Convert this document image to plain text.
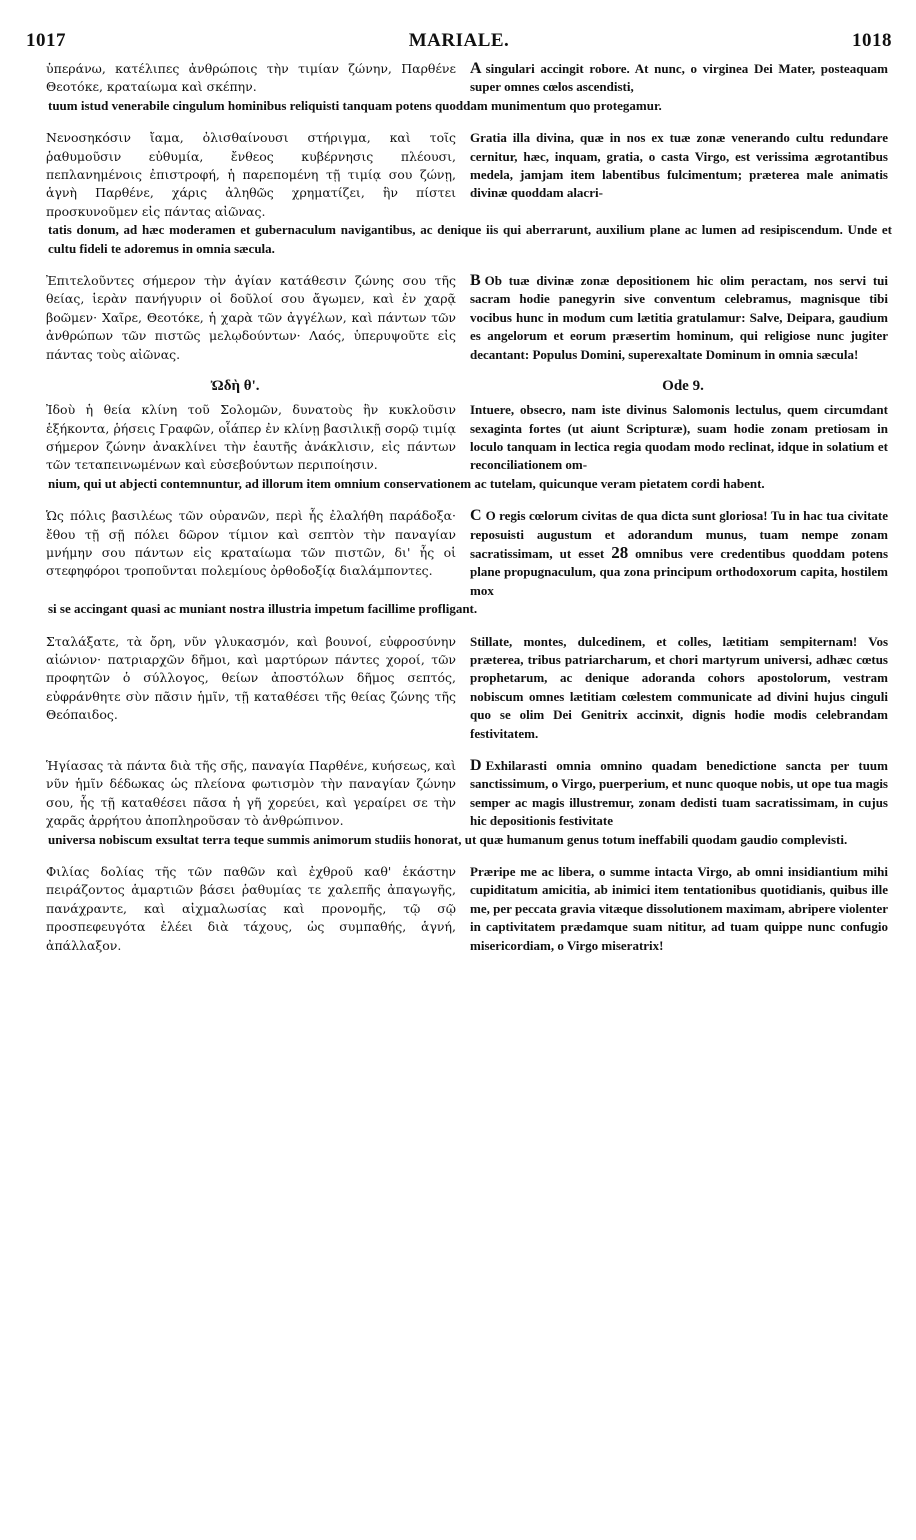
1017	MARIALE.	1018
ὑπεράνω, κατέλιπες ἀνθρώποις τὴν τιμίαν ζώνην, Παρθένε Θεοτόκε, κραταίωμα καὶ σκέπην.
A singulari accingit robore. At nunc, o virginea Dei Mater, posteaquam super omnes cœlos ascendisti,
tuum istud venerabile cingulum hominibus reliquisti tanquam potens quoddam munimentum quo protegamur.
Νενοσηκόσιν ἴαμα, ὀλισθαίνουσι στήριγμα, καὶ τοῖς ῥαθυμοῦσιν εὐθυμία, ἔνθεος κυβέρνησις πλέουσι, πεπλανημένοις ἐπιστροφή, ἡ παρεπομένη τῇ τιμίᾳ σου ζώνῃ, ἁγνὴ Παρθένε, χάρις ἀληθῶς χρηματίζει, ἣν πίστει προσκυνοῦμεν εἰς πάντας αἰῶνας.
Gratia illa divina, quæ in nos ex tuæ zonæ venerando cultu redundare cernitur, hæc, inquam, gratia, o casta Virgo, est verissima ægrotantibus medela, jamjam item labentibus fulcimentum; præterea male animatis divinæ quoddam alacri-
tatis donum, ad hæc moderamen et gubernaculum navigantibus, ac denique iis qui aberrarunt, auxilium plane ac lumen ad resipiscendum. Unde et cultu fideli te adoremus in omnia sæcula.
Ἐπιτελοῦντες σήμερον τὴν ἁγίαν κατάθεσιν ζώνης σου τῆς θείας, ἱερὰν πανήγυριν οἱ δοῦλοί σου ἄγωμεν, καὶ ἐν χαρᾷ βοῶμεν· Χαῖρε, Θεοτόκε, ἡ χαρὰ τῶν ἀγγέλων, καὶ πάντων τῶν ἀνθρώπων τῶν πιστῶς μελῳδούντων· Λαός, ὑπερυψοῦτε εἰς πάντας τοὺς αἰῶνας.
B Ob tuæ divinæ zonæ depositionem hic olim peractam, nos servi tui sacram hodie panegyrin sive conventum celebramus, magnisque tibi vocibus hunc in modum cum lætitia gratulamur: Salve, Deipara, gaudium es angelorum et eorum præsertim hominum, qui religiose nunc jugiter decantant: Populus Domini, superexaltate Dominum in omnia sæcula!
Ὠδὴ θ'.	Ode 9.
Ἰδοὺ ἡ θεία κλίνη τοῦ Σολομῶν, δυνατοὺς ἣν κυκλοῦσιν ἑξήκοντα, ῥήσεις Γραφῶν, οἷάπερ ἐν κλίνῃ βασιλικῇ σορῷ τιμίᾳ σήμερον ζώνην ἀνακλίνει τὴν ἑαυτῆς ἀνάκλισιν, εἰς πάντων τῶν τεταπεινωμένων καὶ εὐσεβούντων περιποίησιν.
Intuere, obsecro, nam iste divinus Salomonis lectulus, quem circumdant sexaginta fortes (ut aiunt Scripturæ), suam hodie zonam pretiosam in loculo tanquam in lectica regia quodam modo reclinat, idque in solatium et reconciliationem om-
nium, qui ut abjecti contemnuntur, ad illorum item omnium conservationem ac tutelam, quicunque veram pietatem cordi habent.
Ὡς πόλις βασιλέως τῶν οὐρανῶν, περὶ ἧς ἐλαλήθη παράδοξα· ἔθου τῇ σῇ πόλει δῶρον τίμιον καὶ σεπτὸν τὴν παναγίαν μνήμην σου πάντων εἰς κραταίωμα τῶν πιστῶν, δι' ἧς οἱ στεφηφόροι τροποῦνται πολεμίους ὀρθοδοξίᾳ διαλάμποντες.
C O regis cœlorum civitas de qua dicta sunt gloriosa! Tu in hac tua civitate reposuisti augustum et adorandum munus, tuam nempe zonam sacratissimam, ut esset 28 omnibus vere credentibus quoddam potens plane propugnaculum, qua zona principum orthodoxorum capita, hostilem mox
si se accingant quasi ac muniant nostra illustria impetum facillime profligant.
Σταλάξατε, τὰ ὄρη, νῦν γλυκασμόν, καὶ βουνοί, εὐφροσύνην αἰώνιον· πατριαρχῶν δῆμοι, καὶ μαρτύρων πάντες χοροί, τῶν προφητῶν ὁ σύλλογος, θείων ἀποστόλων δῆμος σεπτός, εὐφράνθητε σὺν πᾶσιν ἡμῖν, τῇ καταθέσει τῆς θείας ζώνης τῆς Θεόπαιδος.
Stillate, montes, dulcedinem, et colles, lætitiam sempiternam! Vos præterea, tribus patriarcharum, et chori martyrum universi, adhæc cœtus prophetarum, ac denique adoranda cohors apostolorum, vestram nobiscum omnes lætitiam cœlestem communicate ad divini hujus cinguli quo se olim Dei Genitrix accinxit, dignis hodie modis celebrandam festivitatem.
Ἡγίασας τὰ πάντα διὰ τῆς σῆς, παναγία Παρθένε, κυήσεως, καὶ νῦν ἡμῖν δέδωκας ὡς πλείονα φωτισμὸν τὴν παναγίαν ζώνην σου, ἧς τῇ καταθέσει πᾶσα ἡ γῆ χορεύει, καὶ γεραίρει σε τὴν χαρᾶς ἀρρήτου ἀποπληροῦσαν τὸ ἀνθρώπινον.
D Exhilarasti omnia omnino quadam benedictione sancta per tuum sanctissimum, o Virgo, puerperium, et nunc quoque nobis, ut ope tua magis semper ac magis illustremur, zonam dedisti tuam sacratissimam, in cujus hic depositionis festivitate
universa nobiscum exsultat terra teque summis animorum studiis honorat, ut quæ humanum genus totum ineffabili quodam gaudio complevisti.
Φιλίας δολίας τῆς τῶν παθῶν καὶ ἐχθροῦ καθ' ἑκάστην πειράζοντος ἁμαρτιῶν βάσει ῥαθυμίας τε χαλεπῆς ἀπαγωγῆς, πανάχραντε, καὶ αἰχμαλωσίας καὶ προνομῆς, τῷ σῷ προσπεφευγότα ἐλέει διὰ τάχους, ὡς συμπαθής, ἁγνή, ἀπάλλαξον.
Præripe me ac libera, o summe intacta Virgo, ab omni insidiantium mihi cupiditatum amicitia, ab inimici item tentationibus quotidianis, quibus ille me, per peccata gravia vitæque dissolutionem maximam, abripere violenter in captivitatem prædamque suam nititur, ad tuam quippe nunc confugio misericordiam, o Virgo miseratrix!
